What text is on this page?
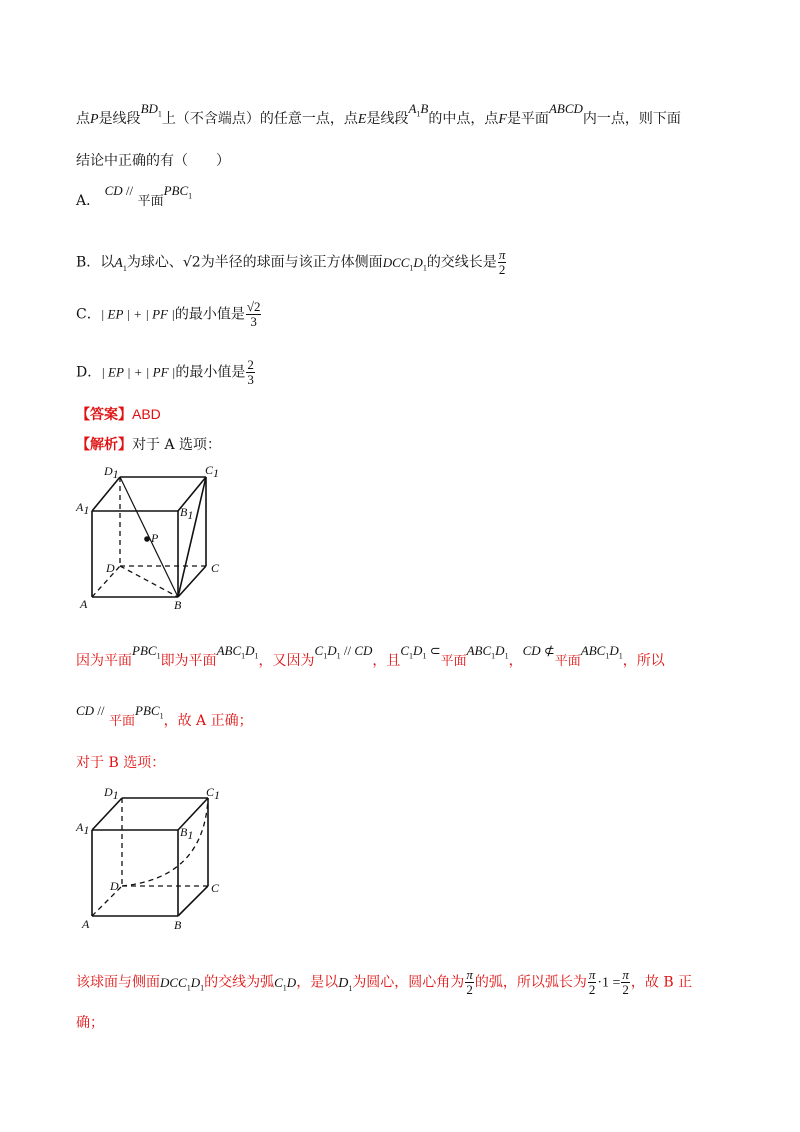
点P是线段$BD_1$上（不含端点）的任意一点，点E是线段$A_1B$的中点，点F是平面ABCD内一点，则下面
结论中正确的有（　　）
A． CD // 平面$PBC_1$
B．以$A_1$为球心、√2为半径的球面与该正方体侧面$DCC_1D_1$的交线长是 $\frac{\pi}{2}$
C．| EP | + | PF |的最小值是 $\frac{√2}{3}$
D．| EP | + | PF |的最小值是 $\frac{2}{3}$
【答案】ABD
【解析】对于 A 选项：
D1	C1
A1	B1
P
D	C
A	B
因为平面$PBC_1$即为平面$ABC_1D_1$，又因为$C_1D_1$ // CD，且$C_1D_1$ ⊂平面$ABC_1D_1$，CD ⊄平面$ABC_1D_1$，所以
CD // 平面$PBC_1$，故 A 正确；
对于 B 选项：
D1	C1
A1	B1
D	C
A	B
该球面与侧面$DCC_1D_1$的交线为弧$C_1D$，是以$D_1$为圆心，圆心角为 $\frac{\pi}{2}$ 的弧，所以弧长为 $\frac{\pi}{2} \cdot 1 = \frac{\pi}{2}$ ，故 B 正
确；
